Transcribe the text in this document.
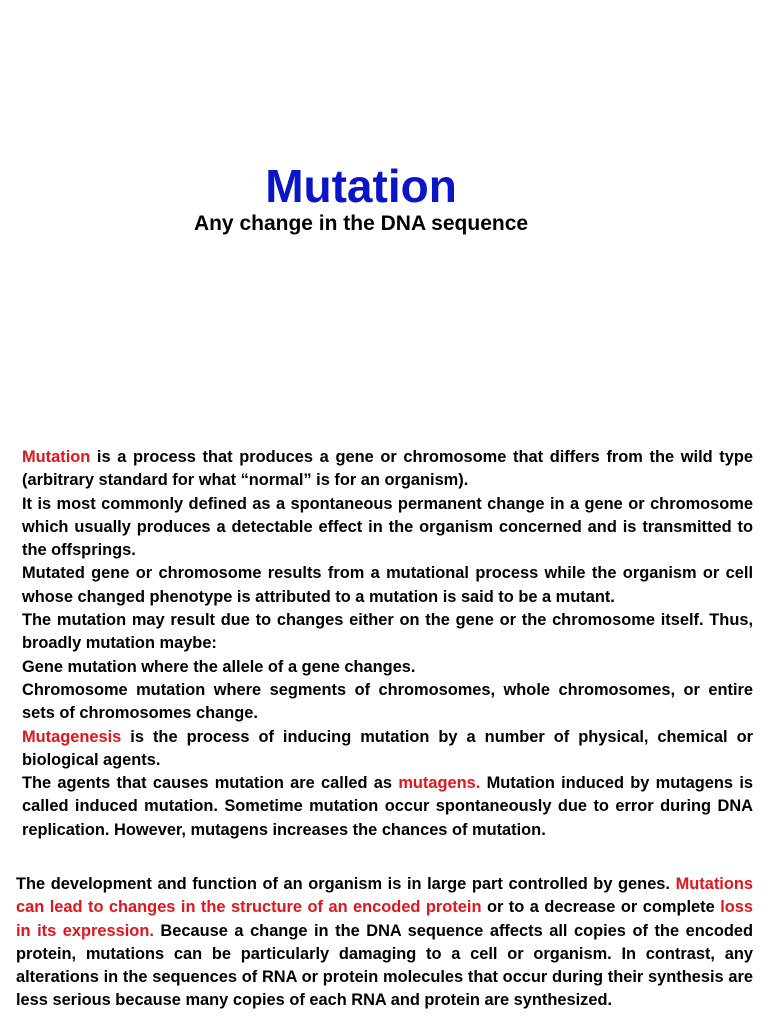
Mutation
Any change in the DNA sequence

Mutation is a process that produces a gene or chromosome that differs from the wild type (arbitrary standard for what “normal” is for an organism).

It is most commonly defined as a spontaneous permanent change in a gene or chromosome which usually produces a detectable effect in the organism concerned and is transmitted to the offsprings.

Mutated gene or chromosome results from a mutational process while the organism or cell whose changed phenotype is attributed to a mutation is said to be a mutant.

The mutation may result due to changes either on the gene or the chromosome itself. Thus, broadly mutation maybe:

Gene mutation where the allele of a gene changes.

Chromosome mutation where segments of chromosomes, whole chromosomes, or entire sets of chromosomes change.

Mutagenesis is the process of inducing mutation by a number of physical, chemical or biological agents.

The agents that causes mutation are called as mutagens. Mutation induced by mutagens is called induced mutation. Sometime mutation occur spontaneously due to error during DNA replication. However, mutagens increases the chances of mutation.

The development and function of an organism is in large part controlled by genes. Mutations can lead to changes in the structure of an encoded protein or to a decrease or complete loss in its expression. Because a change in the DNA sequence affects all copies of the encoded protein, mutations can be particularly damaging to a cell or organism. In contrast, any alterations in the sequences of RNA or protein molecules that occur during their synthesis are less serious because many copies of each RNA and protein are synthesized.
